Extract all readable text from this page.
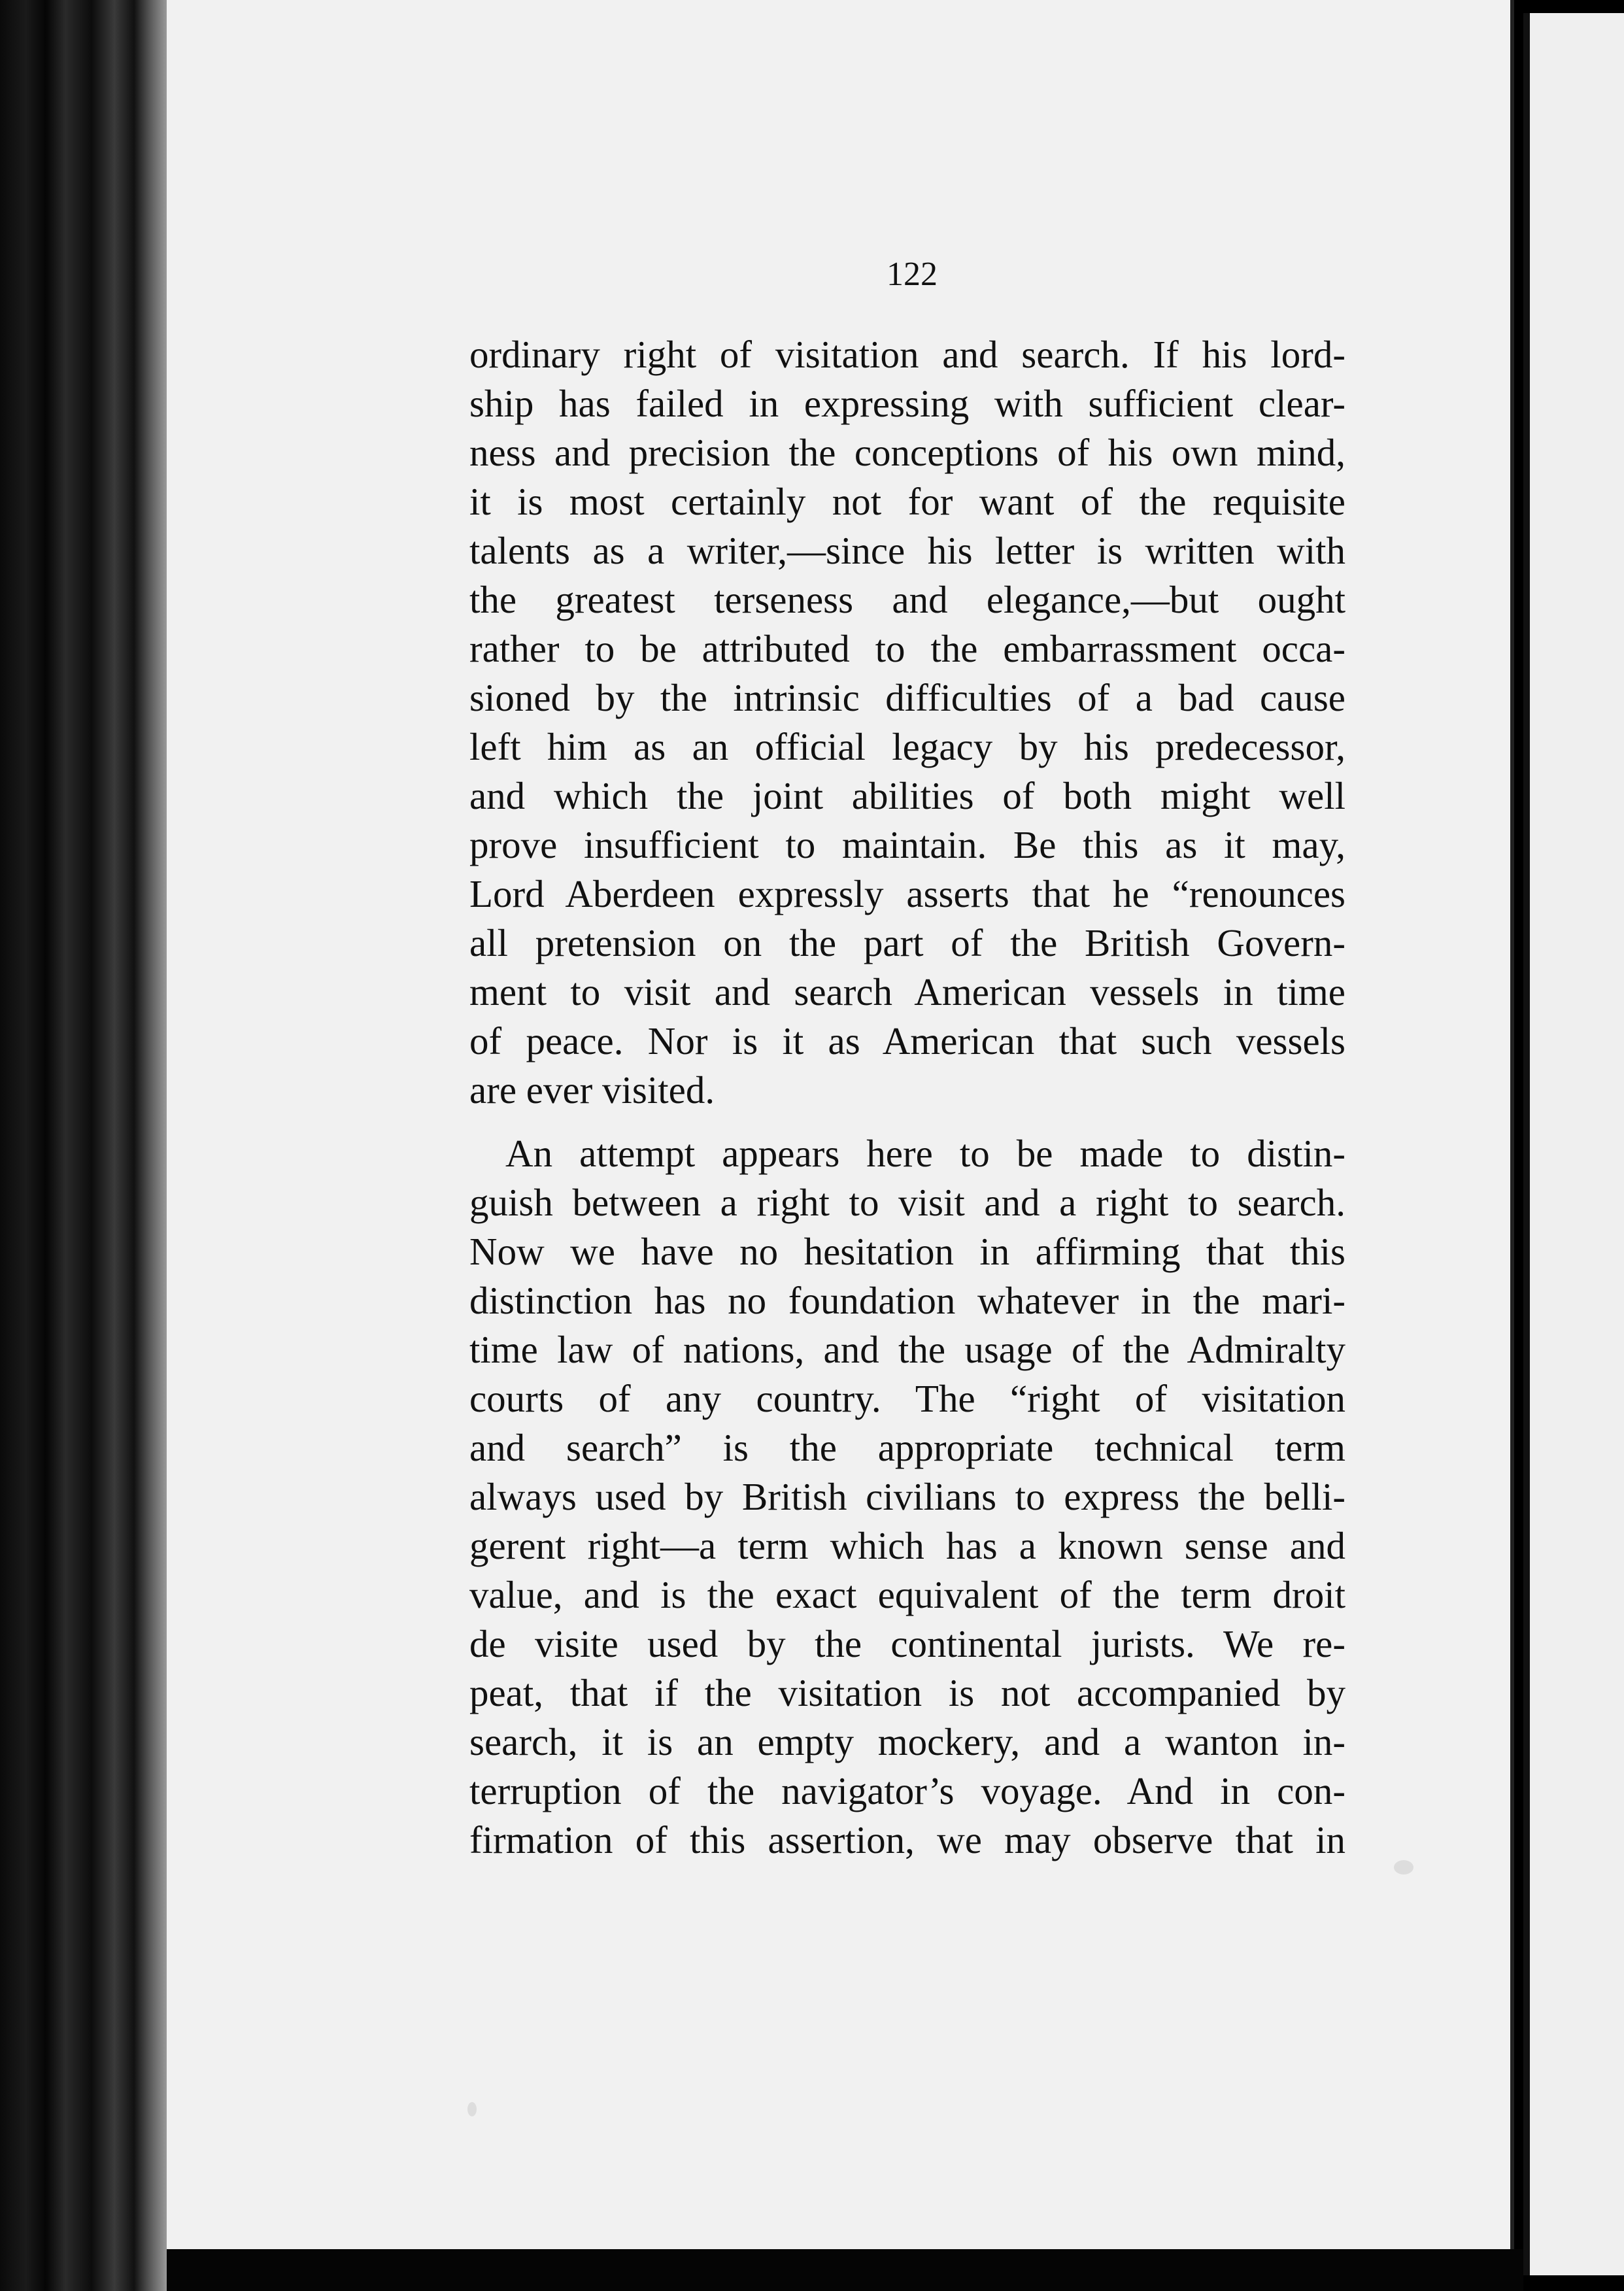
122
ordinary right of visitation and search. If his lord-
ship has failed in expressing with sufficient clear-
ness and precision the conceptions of his own mind,
it is most certainly not for want of the requisite
talents as a writer,—since his letter is written with
the greatest terseness and elegance,—but ought
rather to be attributed to the embarrassment occa-
sioned by the intrinsic difficulties of a bad cause
left him as an official legacy by his predecessor,
and which the joint abilities of both might well
prove insufficient to maintain. Be this as it may,
Lord Aberdeen expressly asserts that he “renounces
all pretension on the part of the British Govern-
ment to visit and search American vessels in time
of peace. Nor is it as American that such vessels
are ever visited.
An attempt appears here to be made to distin-
guish between a right to visit and a right to search.
Now we have no hesitation in affirming that this
distinction has no foundation whatever in the mari-
time law of nations, and the usage of the Admiralty
courts of any country. The “right of visitation
and search” is the appropriate technical term
always used by British civilians to express the belli-
gerent right—a term which has a known sense and
value, and is the exact equivalent of the term droit
de visite used by the continental jurists. We re-
peat, that if the visitation is not accompanied by
search, it is an empty mockery, and a wanton in-
terruption of the navigator’s voyage. And in con-
firmation of this assertion, we may observe that in
